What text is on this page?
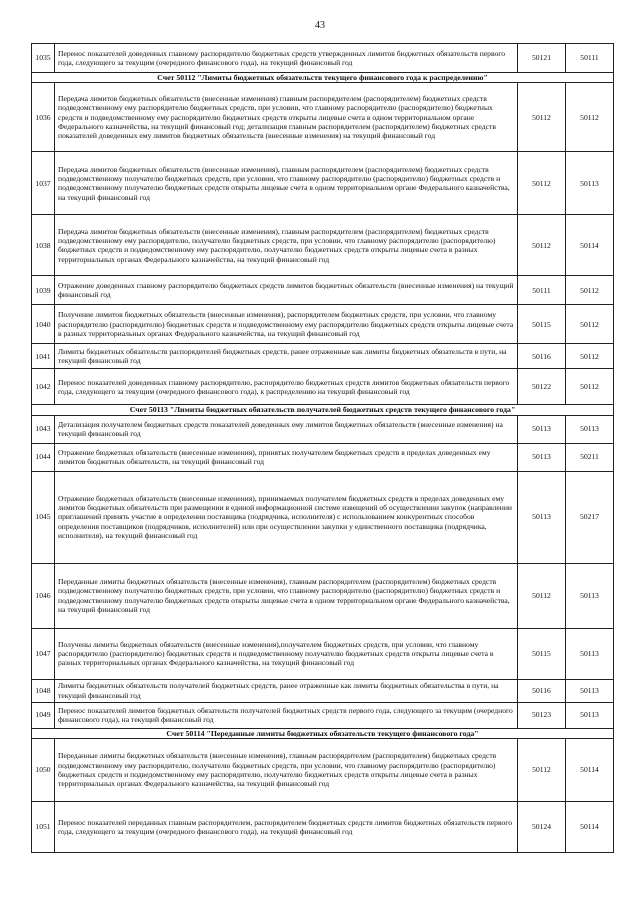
43
1035	Перенос показателей доведенных главному распорядителю бюджетных средств утвержденных лимитов бюджетных обязательств первого года, следующего за текущим (очередного финансового года), на текущий финансовый год	50121	50111
Счет 50112 "Лимиты бюджетных обязательств текущего финансового года к распределению"			
1036	Передача лимитов бюджетных обязательств (внесенные изменения) главным распорядителем (распорядителем) бюджетных средств подведомственному ему распорядителю бюджетных средств, при условии, что главному распорядителю (распорядителю) бюджетных средств и подведомственному ему распорядителю бюджетных средств открыты лицевые счета в одном территориальном органе Федерального казначейства, на текущий финансовый год; детализация главным распорядителем (распорядителем) бюджетных средств показателей доведенных ему лимитов бюджетных обязательств (внесенные изменения) на текущий финансовый год	50112	50112
1037	Передача лимитов бюджетных обязательств (внесенные изменения), главным распорядителем (распорядителем) бюджетных средств подведомственному получателю бюджетных средств, при условии, что главному распорядителю (распорядителю) бюджетных средств и подведомственному получателю бюджетных средств открыты лицевые счета в одном территориальном органе Федерального казначейства, на текущий финансовый год	50112	50113
1038	Передача лимитов бюджетных обязательств (внесенные изменения), главным распорядителем (распорядителем) бюджетных средств подведомственному ему распорядителю, получателю бюджетных средств, при условии, что главному распорядителю (распорядителю) бюджетных средств и подведомственному ему распорядителю, получателю бюджетных средств открыты лицевые счета в разных территориальных органах Федерального казначейства, на текущий финансовый год	50112	50114
1039	Отражение доведенных главному распорядителю бюджетных средств лимитов бюджетных обязательств (внесенные изменения) на текущий финансовый год	50111	50112
1040	Получение лимитов бюджетных обязательств (внесенные изменения), распорядителем бюджетных средств, при условии, что главному распорядителю (распорядителю) бюджетных средств и подведомственному ему распорядителю бюджетных средств открыты лицевые счета в разных территориальных органах Федерального казначейства, на текущий финансовый год	50115	50112
1041	Лимиты бюджетных обязательств распорядителей бюджетных средств, ранее отраженные как лимиты бюджетных обязательств в пути, на текущий финансовый год	50116	50112
1042	Перенос показателей доведенных главному распорядителю, распорядителю бюджетных средств лимитов бюджетных обязательств первого года, следующего за текущим (очередного финансового года), к распределению на текущий финансовый год	50122	50112
Счет 50113 "Лимиты бюджетных обязательств получателей бюджетных средств текущего финансового года"			
1043	Детализация получателем бюджетных средств показателей доведенных ему лимитов бюджетных обязательств (внесенные изменения) на текущий финансовый год	50113	50113
1044	Отражение бюджетных обязательств (внесенные изменения), принятых получателем бюджетных средств в пределах доведенных ему лимитов бюджетных обязательств, на текущий финансовый год	50113	50211
1045	Отражение бюджетных обязательств (внесенные изменения), принимаемых получателем бюджетных средств в пределах доведенных ему лимитов бюджетных обязательств при размещении в единой информационной системе извещений об осуществлении закупок (направлении приглашений принять участие в определении поставщика (подрядчика, исполнителя) с использованием конкурентных способов определения поставщиков (подрядчиков, исполнителей) или при осуществлении закупки у единственного поставщика (подрядчика, исполнителя), на текущий финансовый год	50113	50217
1046	Переданные лимиты бюджетных обязательств (внесенные изменения), главным распорядителем (распорядителем) бюджетных средств подведомственному получателю бюджетных средств, при условии, что главному распорядителю (распорядителю) бюджетных средств и подведомственному получателю бюджетных средств открыты лицевые счета в одном территориальном органе Федерального казначейства, на текущий финансовый год	50112	50113
1047	Получены лимиты бюджетных обязательств (внесенные изменения),получателем бюджетных средств, при условии, что главному распорядителю (распорядителю) бюджетных средств и подведомственному получателю бюджетных средств открыты лицевые счета в разных территориальных органах Федерального казначейства, на текущий финансовый год	50115	50113
1048	Лимиты бюджетных обязательств получателей бюджетных средств, ранее отраженные как лимиты бюджетных обязательства в пути, на текущий финансовый год	50116	50113
1049	Перенос показателей лимитов бюджетных обязательств получателей бюджетных средств первого года, следующего за текущим (очередного финансового года), на текущий финансовый год	50123	50113
Счет 50114 "Переданные лимиты бюджетных обязательств текущего финансового года"			
1050	Переданные лимиты бюджетных обязательств (внесенные изменения), главным распорядителем (распорядителем) бюджетных средств подведомственному ему распорядителю, получателю бюджетных средств, при условии, что главному распорядителю (распорядителю) бюджетных средств и подведомственному ему распорядителю, получателю бюджетных средств открыты лицевые счета в разных территориальных органах Федерального казначейства, на текущий финансовый год	50112	50114
1051	Перенос показателей переданных главным распорядителем, распорядителем бюджетных средств лимитов бюджетных обязательств первого года, следующего за текущим (очередного финансового года), на текущий финансовый год	50124	50114
